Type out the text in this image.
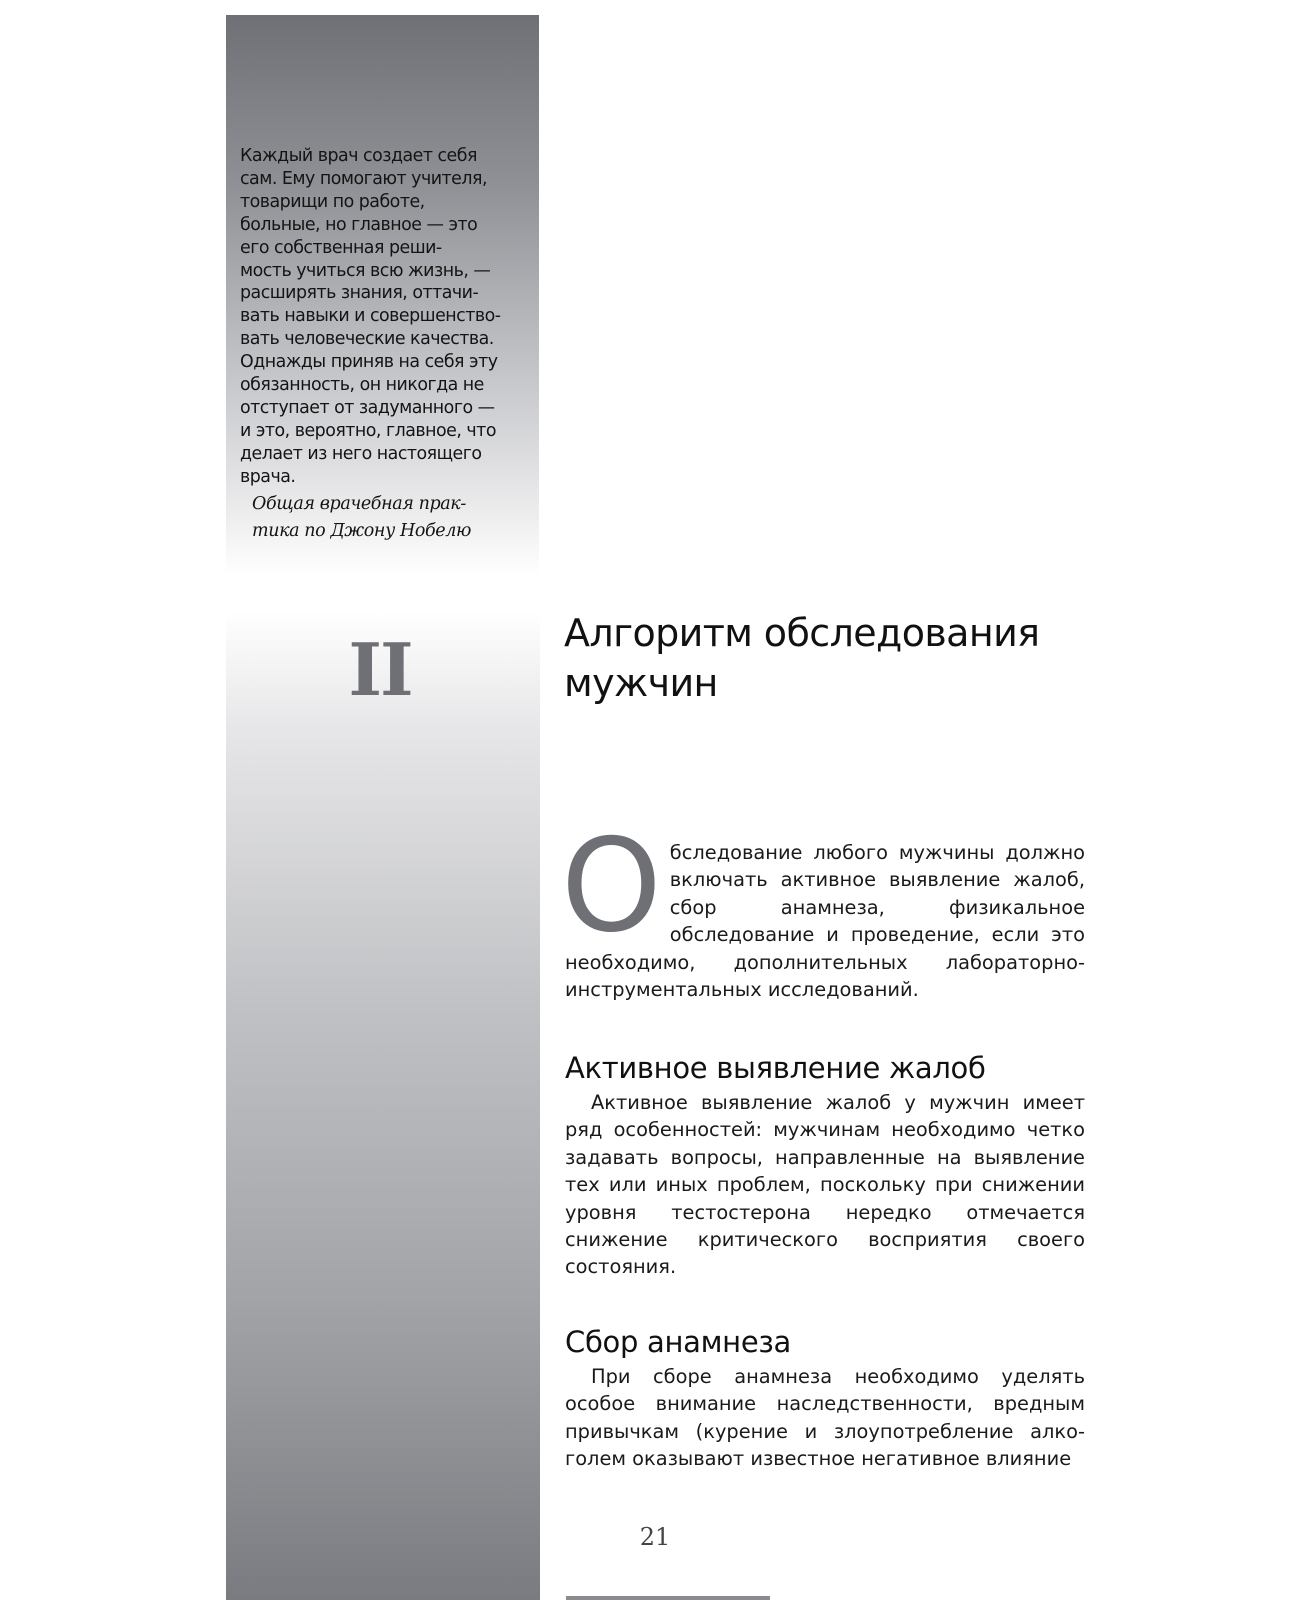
Каждый врач создает себя
сам. Ему помогают учителя,
товарищи по работе,
больные, но главное — это
его собственная реши-
мость учиться всю жизнь, —
расширять знания, оттачи-
вать навыки и совершенство-
вать человеческие качества.
Однажды приняв на себя эту
обязанность, он никогда не
отступает от задуманного —
и это, вероятно, главное, что
делает из него настоящего
врача.

Общая врачебная прак-
тика по Джону Нобелю

II	Алгоритм обследования мужчин

Обследование любого мужчины должно включать активное выявление жалоб, сбор анамнеза, физикальное обследование и проведение, если это необходимо, дополнительных лабораторно-инструментальных исследований.

Активное выявление жалоб

Активное выявление жалоб у мужчин имеет ряд особенностей: мужчинам необходимо четко задавать вопросы, направленные на выявление тех или иных проблем, поскольку при снижении уровня тестостерона нередко отмечается снижение критического восприятия своего состояния.

Сбор анамнеза

При сборе анамнеза необходимо уделять особое внимание наследственности, вредным привычкам (курение и злоупотребление алкоголем оказывают известное негативное влияние

21
